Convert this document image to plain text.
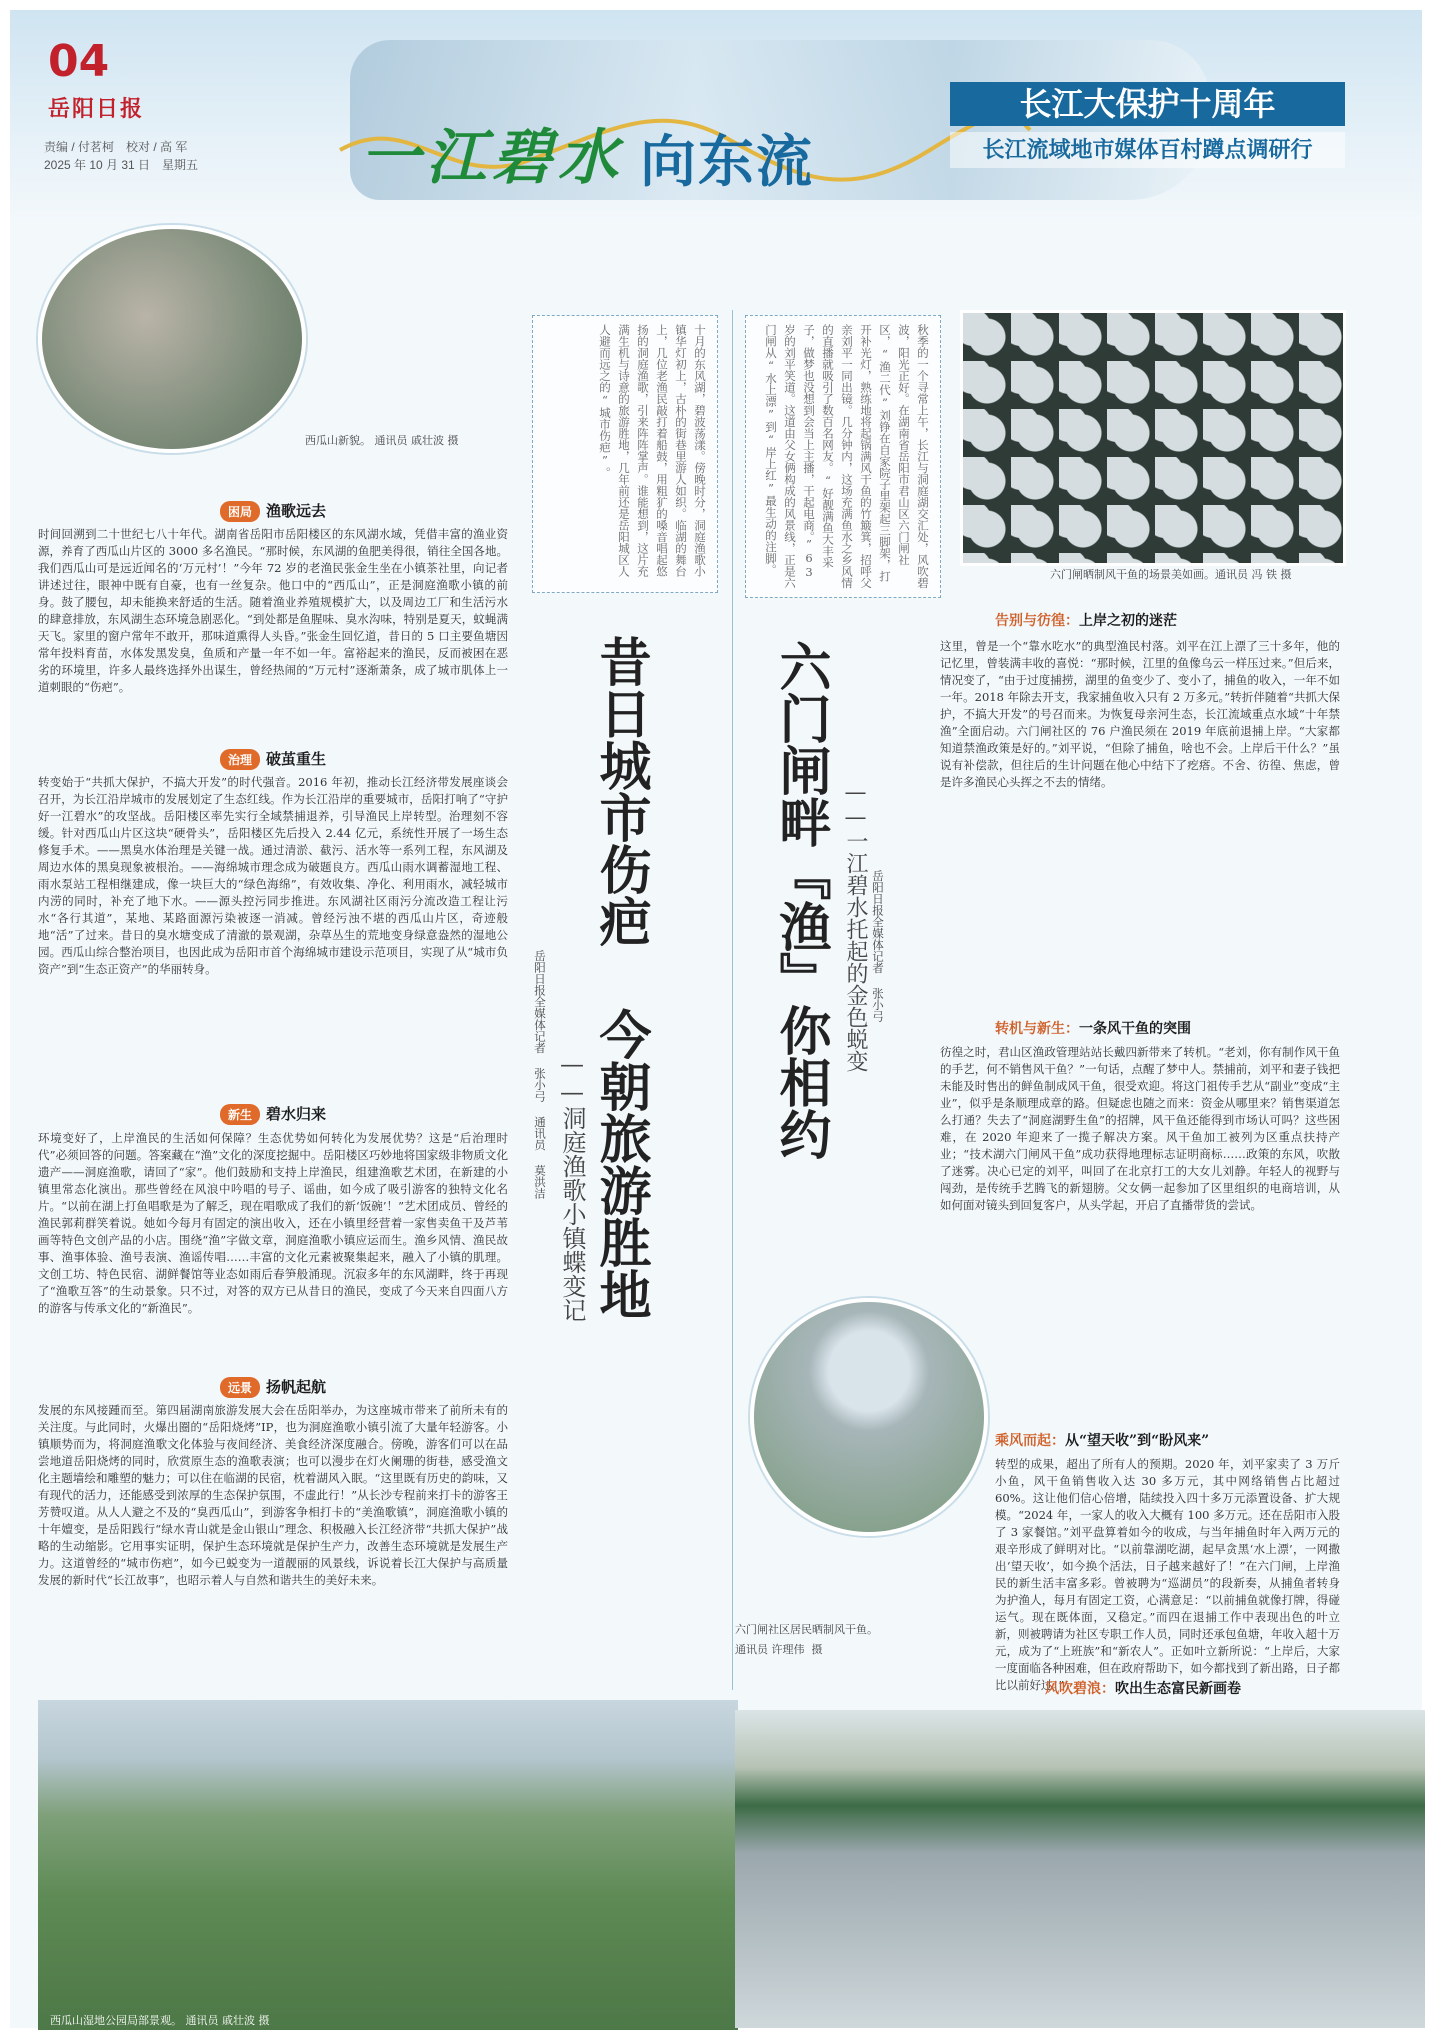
04
岳阳日报
责编 / 付茗柯　校对 / 高 军
2025 年 10 月 31 日　星期五	一江碧水 向东流
长江大保护十周年
长江流域地市媒体百村蹲点调研行
西瓜山新貌。 通讯员 戚壮波 摄	十月的东风湖，碧波荡漾。傍晚时分，洞庭渔歌小镇华灯初上，古朴的街巷里游人如织。临湖的舞台上，几位老渔民敲打着船鼓，用粗犷的嗓音唱起悠扬的洞庭渔歌，引来阵阵掌声。谁能想到，这片充满生机与诗意的旅游胜地，几年前还是岳阳城区人人避而远之的“城市伤疤”。
困局 渔歌远去
时间回溯到二十世纪七八十年代。湖南省岳阳市岳阳楼区的东风湖水域，凭借丰富的渔业资源，养育了西瓜山片区的 3000 多名渔民。“那时候，东风湖的鱼肥美得很，销往全国各地。我们西瓜山可是远近闻名的‘万元村’！”今年 72 岁的老渔民张金生坐在小镇茶社里，向记者讲述过往，眼神中既有自豪，也有一丝复杂。他口中的“西瓜山”，正是洞庭渔歌小镇的前身。鼓了腰包，却未能换来舒适的生活。随着渔业养殖规模扩大，以及周边工厂和生活污水的肆意排放，东风湖生态环境急剧恶化。“到处都是鱼腥味、臭水沟味，特别是夏天，蚊蝇满天飞。家里的窗户常年不敢开，那味道熏得人头昏。”张金生回忆道，昔日的 5 口主要鱼塘因常年投料育苗，水体发黑发臭，鱼质和产量一年不如一年。富裕起来的渔民，反而被困在恶劣的环境里，许多人最终选择外出谋生，曾经热闹的“万元村”逐渐萧条，成了城市肌体上一道刺眼的“伤疤”。
治理 破茧重生
转变始于“共抓大保护，不搞大开发”的时代强音。2016 年初，推动长江经济带发展座谈会召开，为长江沿岸城市的发展划定了生态红线。作为长江沿岸的重要城市，岳阳打响了“守护好一江碧水”的攻坚战。岳阳楼区率先实行全域禁捕退养，引导渔民上岸转型。治理刻不容缓。针对西瓜山片区这块“硬骨头”，岳阳楼区先后投入 2.44 亿元，系统性开展了一场生态修复手术。——黑臭水体治理是关键一战。通过清淤、截污、活水等一系列工程，东风湖及周边水体的黑臭现象被根治。——海绵城市理念成为破题良方。西瓜山雨水调蓄湿地工程、雨水泵站工程相继建成，像一块巨大的“绿色海绵”，有效收集、净化、利用雨水，减轻城市内涝的同时，补充了地下水。——源头控污同步推进。东风湖社区雨污分流改造工程让污水“各行其道”，某地、某路面源污染被逐一消减。曾经污浊不堪的西瓜山片区，奇迹般地“活”了过来。昔日的臭水塘变成了清澈的景观湖，杂草丛生的荒地变身绿意盎然的湿地公园。西瓜山综合整治项目，也因此成为岳阳市首个海绵城市建设示范项目，实现了从“城市负资产”到“生态正资产”的华丽转身。
新生 碧水归来
环境变好了，上岸渔民的生活如何保障？生态优势如何转化为发展优势？这是“后治理时代”必须回答的问题。答案藏在“渔”文化的深度挖掘中。岳阳楼区巧妙地将国家级非物质文化遗产——洞庭渔歌，请回了“家”。他们鼓励和支持上岸渔民，组建渔歌艺术团，在新建的小镇里常态化演出。那些曾经在风浪中吟唱的号子、谣曲，如今成了吸引游客的独特文化名片。“以前在湖上打鱼唱歌是为了解乏，现在唱歌成了我们的新‘饭碗’！”艺术团成员、曾经的渔民郭莉群笑着说。她如今每月有固定的演出收入，还在小镇里经营着一家售卖鱼干及芦苇画等特色文创产品的小店。围绕“渔”字做文章，洞庭渔歌小镇应运而生。渔乡风情、渔民故事、渔事体验、渔号表演、渔谣传唱……丰富的文化元素被聚集起来，融入了小镇的肌理。文创工坊、特色民宿、湖鲜餐馆等业态如雨后春笋般涌现。沉寂多年的东风湖畔，终于再现了“渔歌互答”的生动景象。只不过，对答的双方已从昔日的渔民，变成了今天来自四面八方的游客与传承文化的“新渔民”。
远景 扬帆起航
发展的东风接踵而至。第四届湖南旅游发展大会在岳阳举办，为这座城市带来了前所未有的关注度。与此同时，火爆出圈的“岳阳烧烤”IP，也为洞庭渔歌小镇引流了大量年轻游客。小镇顺势而为，将洞庭渔歌文化体验与夜间经济、美食经济深度融合。傍晚，游客们可以在品尝地道岳阳烧烤的同时，欣赏原生态的渔歌表演；也可以漫步在灯火阑珊的街巷，感受渔文化主题墙绘和雕塑的魅力；可以住在临湖的民宿，枕着湖风入眠。“这里既有历史的韵味，又有现代的活力，还能感受到浓厚的生态保护氛围，不虚此行！”从长沙专程前来打卡的游客王芳赞叹道。从人人避之不及的“臭西瓜山”，到游客争相打卡的“美渔歌镇”，洞庭渔歌小镇的十年嬗变，是岳阳践行“绿水青山就是金山银山”理念、积极融入长江经济带“共抓大保护”战略的生动缩影。它用事实证明，保护生态环境就是保护生产力，改善生态环境就是发展生产力。这道曾经的“城市伤疤”，如今已蜕变为一道靓丽的风景线，诉说着长江大保护与高质量发展的新时代“长江故事”，也昭示着人与自然和谐共生的美好未来。
昔日城市伤疤 今朝旅游胜地
——洞庭渔歌小镇蝶变记
岳阳日报全媒体记者 张小弓 通讯员 莫洪洁
西瓜山湿地公园局部景观。 通讯员 戚壮波 摄
秋季的一个寻常上午，长江与洞庭湖交汇处，风吹碧波，阳光正好。在湖南省岳阳市君山区六门闸社区，“渔二代”刘铮在自家院子里架起三脚架，打开补光灯，熟练地将起锅满风干鱼的竹簸箕，招呼父亲刘平一同出镜。几分钟内，这场充满鱼水之乡风情的直播就吸引了数百名网友。“好靓满鱼大丰采子，做梦也没想到会当上主播，干起电商。”63 岁的刘平笑道。这道由父女俩构成的风景线，正是六门闸从“水上漂”到“岸上红”最生动的注脚。	六门闸晒制风干鱼的场景美如画。通讯员 冯 铁 摄
六门闸畔『渔』你相约 ——一江碧水托起的金色蜕变 岳阳日报全媒体记者 张小弓
告别与彷徨：上岸之初的迷茫
这里，曾是一个“靠水吃水”的典型渔民村落。刘平在江上漂了三十多年，他的记忆里，曾装满丰收的喜悦：“那时候，江里的鱼像乌云一样压过来。”但后来，情况变了，“由于过度捕捞，湖里的鱼变少了、变小了，捕鱼的收入，一年不如一年。2018 年除去开支，我家捕鱼收入只有 2 万多元。”转折伴随着“共抓大保护，不搞大开发”的号召而来。为恢复母亲河生态，长江流域重点水域“十年禁渔”全面启动。六门闸社区的 76 户渔民须在 2019 年底前退捕上岸。“大家都知道禁渔政策是好的。”刘平说，“但除了捕鱼，啥也不会。上岸后干什么？”虽说有补偿款，但往后的生计问题在他心中结下了疙瘩。不舍、彷徨、焦虑，曾是许多渔民心头挥之不去的情绪。
转机与新生：一条风干鱼的突围
彷徨之时，君山区渔政管理站站长戴四新带来了转机。“老刘，你有制作风干鱼的手艺，何不销售风干鱼？”一句话，点醒了梦中人。禁捕前，刘平和妻子钱把未能及时售出的鲜鱼制成风干鱼，很受欢迎。将这门祖传手艺从“副业”变成“主业”，似乎是条顺理成章的路。但疑虑也随之而来：资金从哪里来？销售渠道怎么打通？失去了“洞庭湖野生鱼”的招牌，风干鱼还能得到市场认可吗？这些困难，在 2020 年迎来了一揽子解决方案。风干鱼加工被列为区重点扶持产业；“技术湖六门闸风干鱼”成功获得地理标志证明商标……政策的东风，吹散了迷雾。决心已定的刘平，叫回了在北京打工的大女儿刘静。年轻人的视野与闯劲，是传统手艺腾飞的新翅膀。父女俩一起参加了区里组织的电商培训，从如何面对镜头到回复客户，从头学起，开启了直播带货的尝试。
六门闸社区居民晒制风干鱼。
通讯员 许理伟  摄
乘风而起：从“望天收”到“盼风来”
转型的成果，超出了所有人的预期。2020 年，刘平家卖了 3 万斤小鱼，风干鱼销售收入达 30 多万元，其中网络销售占比超过 60%。这让他们信心倍增，陆续投入四十多万元添置设备、扩大规模。“2024 年，一家人的收入大概有 100 多万元。还在岳阳市入股了 3 家餐馆。”刘平盘算着如今的收成，与当年捕鱼时年入两万元的艰辛形成了鲜明对比。“以前靠湖吃湖，起早贪黑‘水上漂’，一网撒出‘望天收’，如今换个活法，日子越来越好了！”在六门闸，上岸渔民的新生活丰富多彩。曾被聘为“巡湖员”的段新奏，从捕鱼者转身为护渔人，每月有固定工资，心满意足：“以前捕鱼就像打牌，得碰运气。现在既体面，又稳定。”而四在退捕工作中表现出色的叶立新，则被聘请为社区专职工作人员，同时还承包鱼塘，年收入超十万元，成为了“上班族”和“新农人”。正如叶立新所说：“上岸后，大家一度面临各种困难，但在政府帮助下，如今都找到了新出路，日子都比以前好过。”
风吹碧浪：吹出生态富民新画卷
